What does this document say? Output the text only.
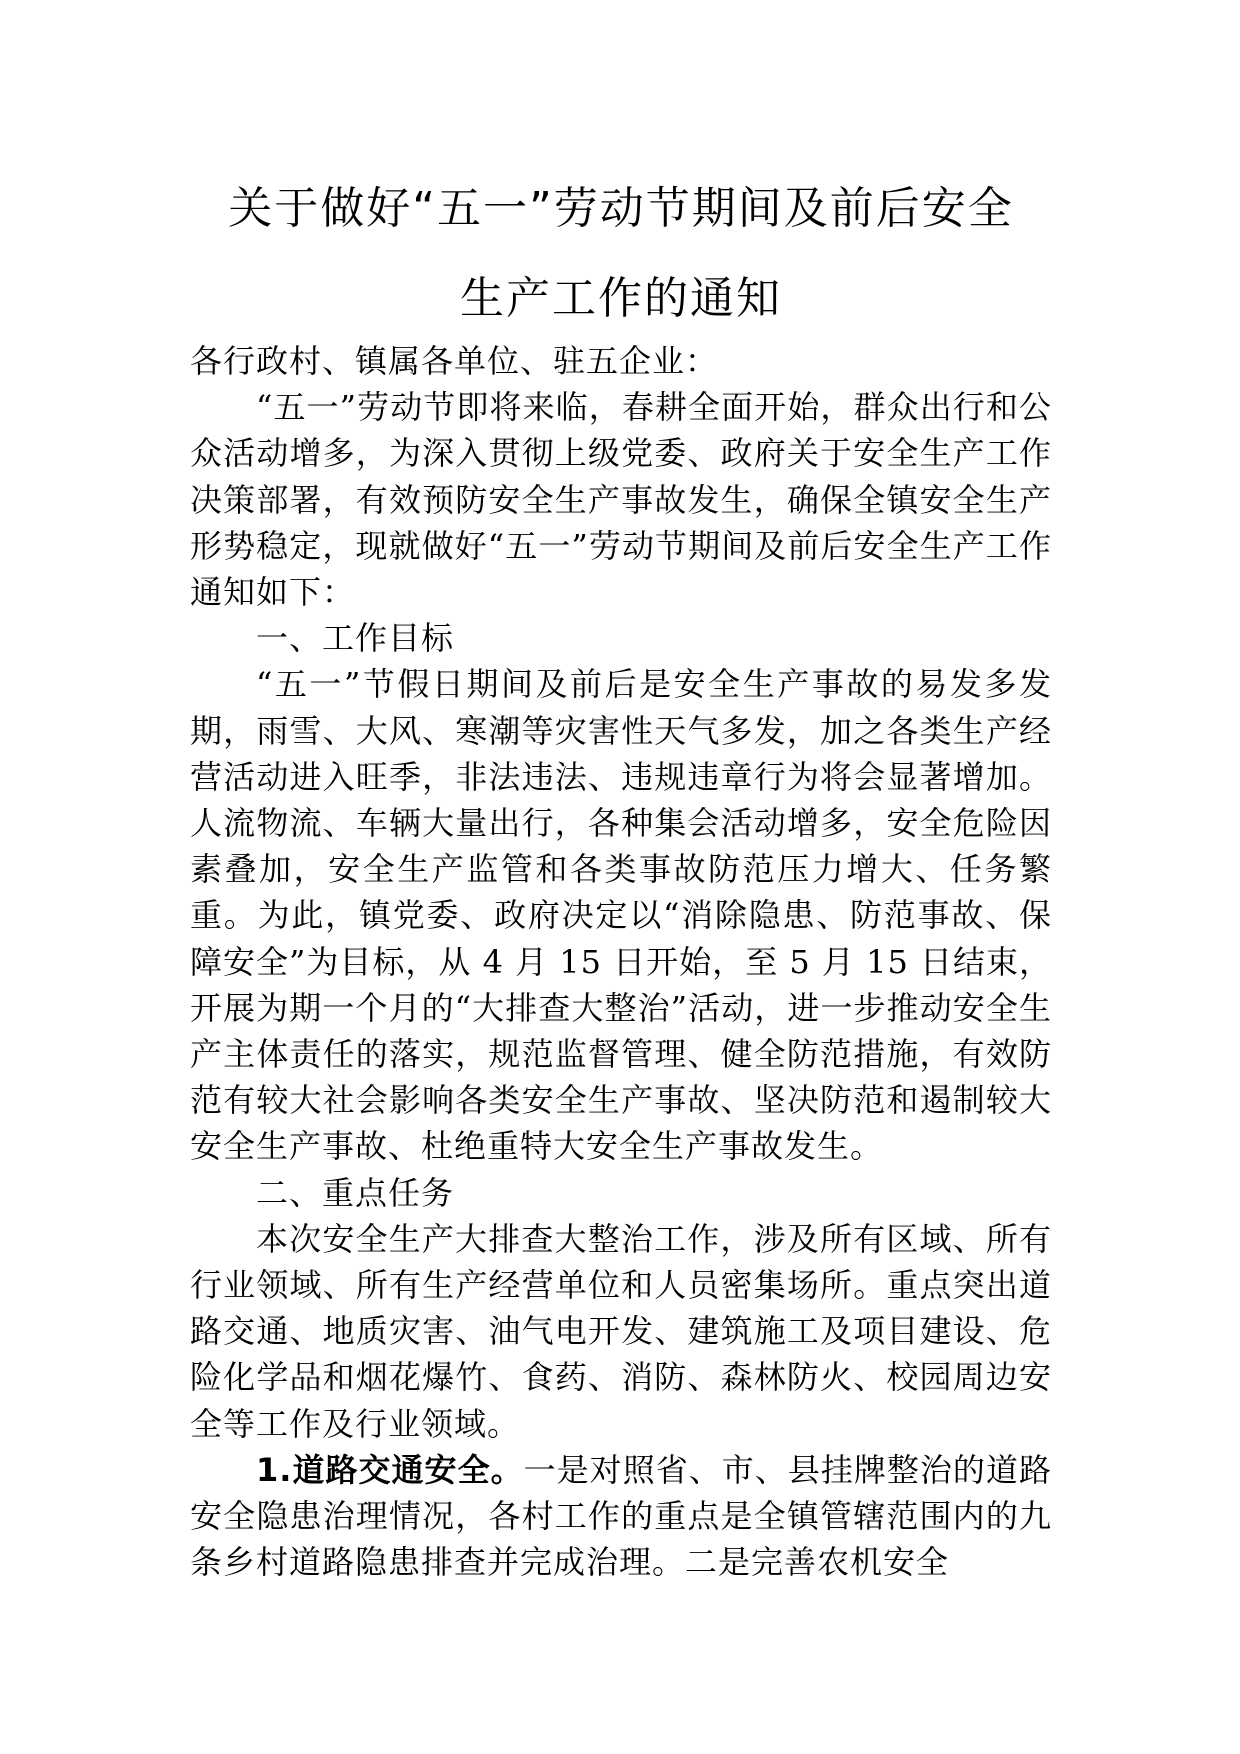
关于做好“五一”劳动节期间及前后安全
生产工作的通知

各行政村、镇属各单位、驻五企业：

“五一”劳动节即将来临，春耕全面开始，群众出行和公众活动增多，为深入贯彻上级党委、政府关于安全生产工作决策部署，有效预防安全生产事故发生，确保全镇安全生产形势稳定，现就做好“五一”劳动节期间及前后安全生产工作通知如下：

一、工作目标

“五一”节假日期间及前后是安全生产事故的易发多发期，雨雪、大风、寒潮等灾害性天气多发，加之各类生产经营活动进入旺季，非法违法、违规违章行为将会显著增加。人流物流、车辆大量出行，各种集会活动增多，安全危险因素叠加，安全生产监管和各类事故防范压力增大、任务繁重。为此，镇党委、政府决定以“消除隐患、防范事故、保障安全”为目标，从 4 月 15 日开始，至 5 月 15 日结束，开展为期一个月的“大排查大整治”活动，进一步推动安全生产主体责任的落实，规范监督管理、健全防范措施，有效防范有较大社会影响各类安全生产事故、坚决防范和遏制较大安全生产事故、杜绝重特大安全生产事故发生。

二、重点任务

本次安全生产大排查大整治工作，涉及所有区域、所有行业领域、所有生产经营单位和人员密集场所。重点突出道路交通、地质灾害、油气电开发、建筑施工及项目建设、危险化学品和烟花爆竹、食药、消防、森林防火、校园周边安全等工作及行业领域。

1.道路交通安全。一是对照省、市、县挂牌整治的道路安全隐患治理情况，各村工作的重点是全镇管辖范围内的九条乡村道路隐患排查并完成治理。二是完善农机安全
